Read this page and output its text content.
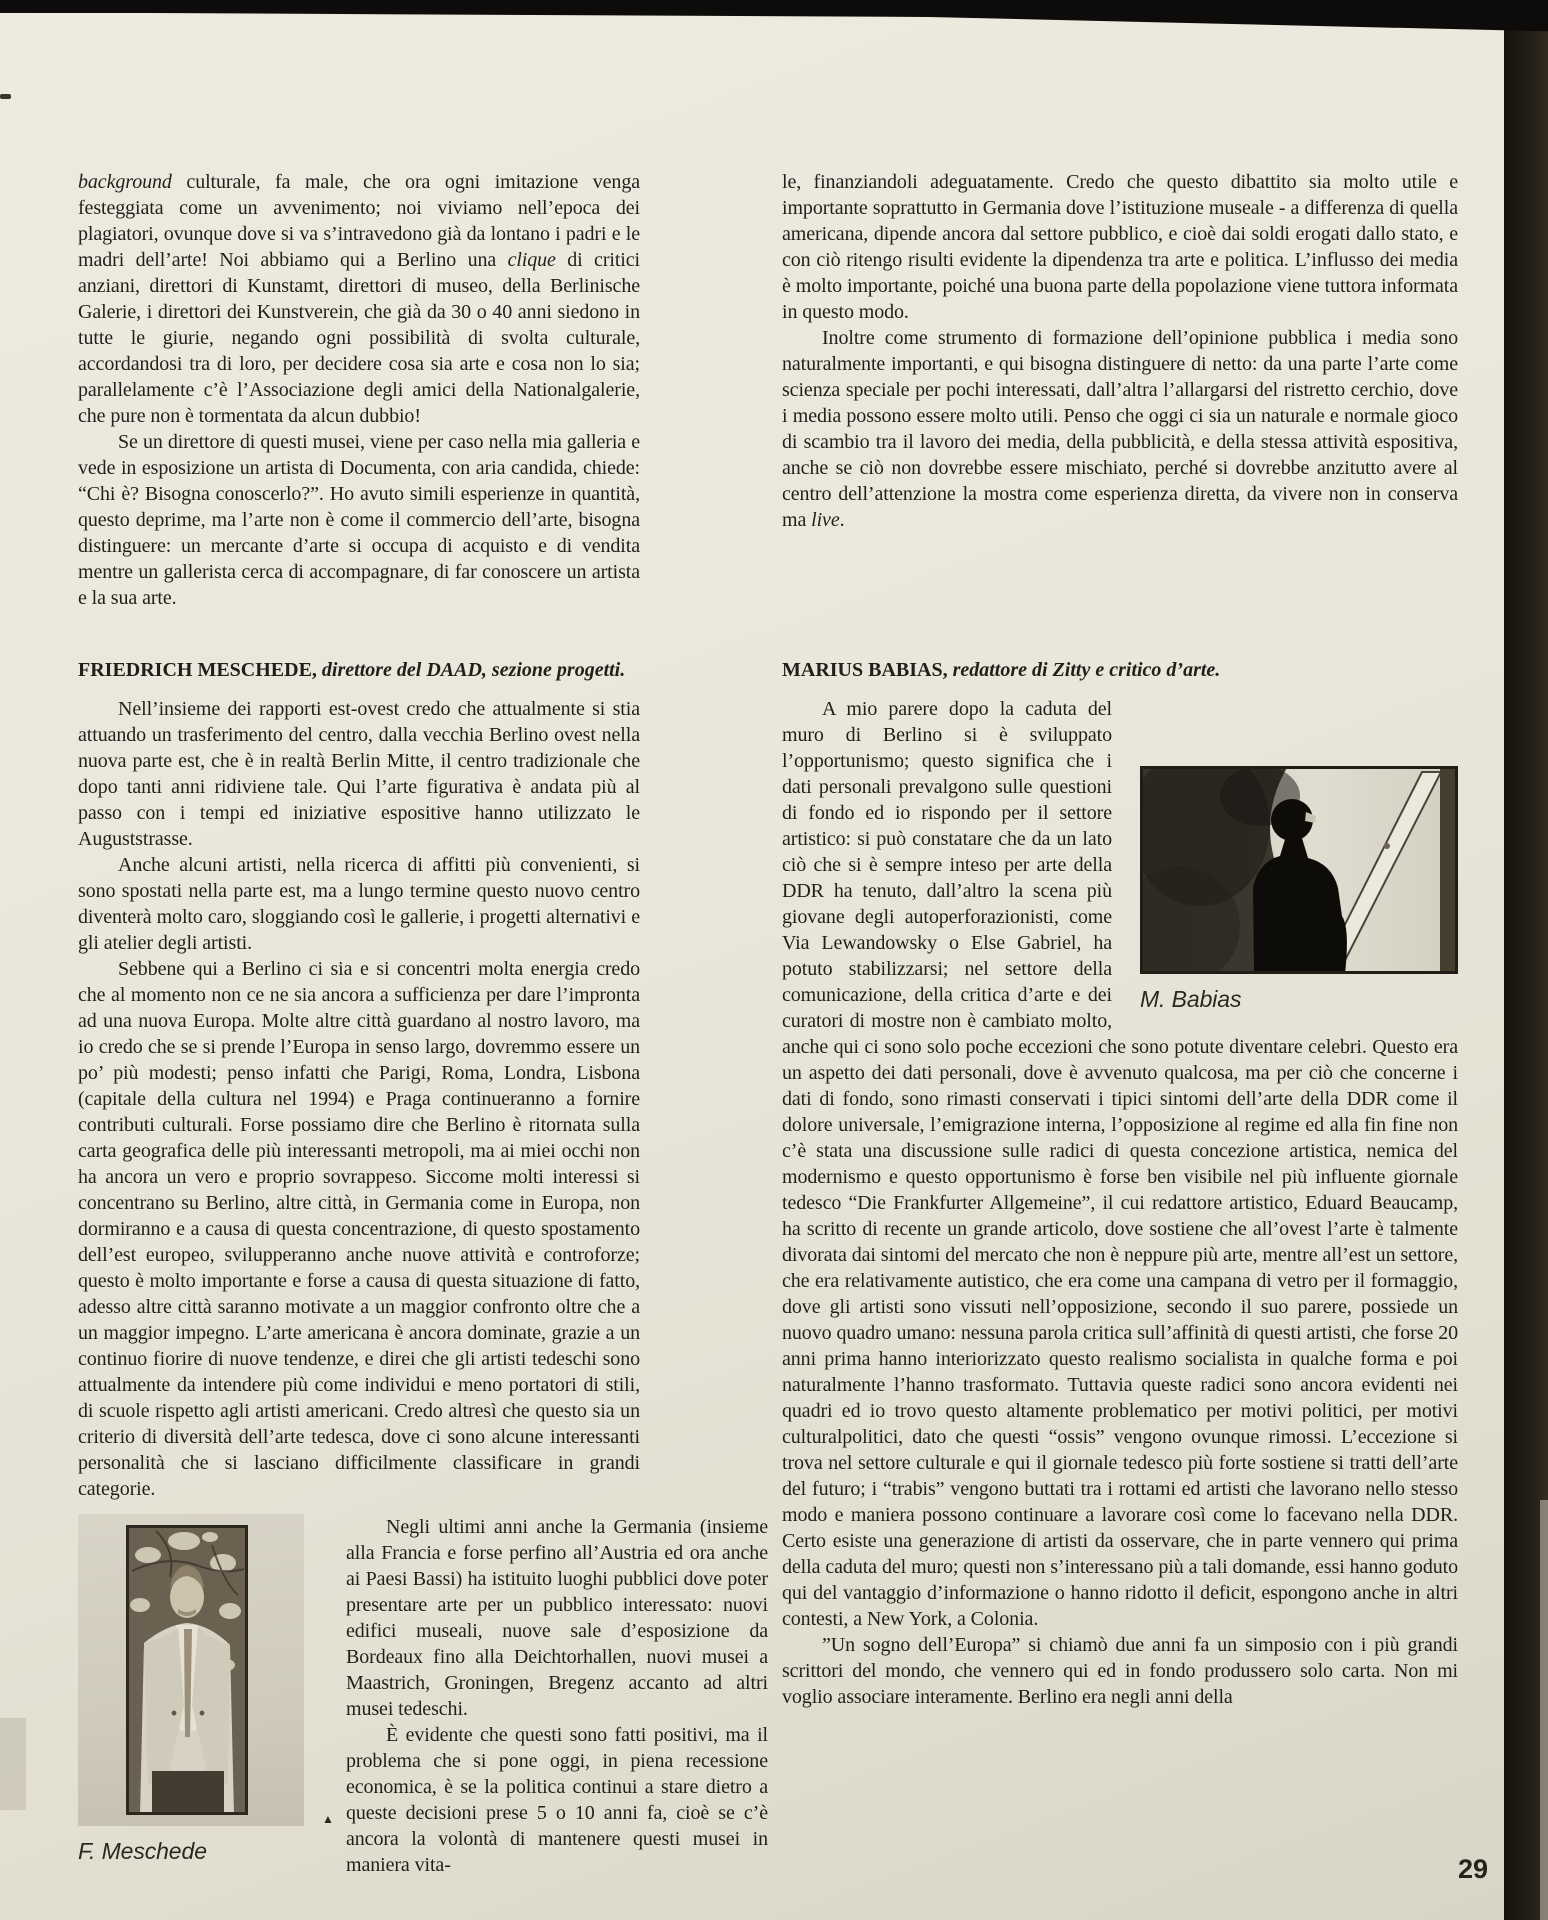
background culturale, fa male, che ora ogni imitazione venga festeggiata come un avvenimento; noi viviamo nell’epoca dei plagiatori, ovunque dove si va s’intravedono già da lontano i padri e le madri dell’arte! Noi abbiamo qui a Berlino una clique di critici anziani, direttori di Kunstamt, direttori di museo, della Berlinische Galerie, i direttori dei Kunstverein, che già da 30 o 40 anni siedono in tutte le giurie, negando ogni possibilità di svolta culturale, accordandosi tra di loro, per decidere cosa sia arte e cosa non lo sia; parallelamente c’è l’Associazione degli amici della Nationalgalerie, che pure non è tormentata da alcun dubbio!

Se un direttore di questi musei, viene per caso nella mia galleria e vede in esposizione un artista di Documenta, con aria candida, chiede: “Chi è? Bisogna conoscerlo?”. Ho avuto simili esperienze in quantità, questo deprime, ma l’arte non è come il commercio dell’arte, bisogna distinguere: un mercante d’arte si occupa di acquisto e di vendita mentre un gallerista cerca di accompagnare, di far conoscere un artista e la sua arte.

FRIEDRICH MESCHEDE, direttore del DAAD, sezione progetti.

Nell’insieme dei rapporti est-ovest credo che attualmente si stia attuando un trasferimento del centro, dalla vecchia Berlino ovest nella nuova parte est, che è in realtà Berlin Mitte, il centro tradizionale che dopo tanti anni ridiviene tale. Qui l’arte figurativa è andata più al passo con i tempi ed iniziative espositive hanno utilizzato le Auguststrasse.

Anche alcuni artisti, nella ricerca di affitti più convenienti, si sono spostati nella parte est, ma a lungo termine questo nuovo centro diventerà molto caro, sloggiando così le gallerie, i progetti alternativi e gli atelier degli artisti.

Sebbene qui a Berlino ci sia e si concentri molta energia credo che al momento non ce ne sia ancora a sufficienza per dare l’impronta ad una nuova Europa. Molte altre città guardano al nostro lavoro, ma io credo che se si prende l’Europa in senso largo, dovremmo essere un po’ più modesti; penso infatti che Parigi, Roma, Londra, Lisbona (capitale della cultura nel 1994) e Praga continueranno a fornire contributi culturali. Forse possiamo dire che Berlino è ritornata sulla carta geografica delle più interessanti metropoli, ma ai miei occhi non ha ancora un vero e proprio sovrappeso. Siccome molti interessi si concentrano su Berlino, altre città, in Germania come in Europa, non dormiranno e a causa di questa concentrazione, di questo spostamento dell’est europeo, svilupperanno anche nuove attività e controforze; questo è molto importante e forse a causa di questa situazione di fatto, adesso altre città saranno motivate a un maggior confronto oltre che a un maggior impegno. L’arte americana è ancora dominate, grazie a un continuo fiorire di nuove tendenze, e direi che gli artisti tedeschi sono attualmente da intendere più come individui e meno portatori di stili, di scuole rispetto agli artisti americani. Credo altresì che questo sia un criterio di diversità dell’arte tedesca, dove ci sono alcune interessanti personalità che si lasciano difficilmente classificare in grandi categorie.

F. Meschede
▲

Negli ultimi anni anche la Germania (insieme alla Francia e forse perfino all’Austria ed ora anche ai Paesi Bassi) ha istituito luoghi pubblici dove poter presentare arte per un pubblico interessato: nuovi edifici museali, nuove sale d’esposizione da Bordeaux fino alla Deichtorhallen, nuovi musei a Maastrich, Groningen, Bregenz accanto ad altri musei tedeschi.

È evidente che questi sono fatti positivi, ma il problema che si pone oggi, in piena recessione economica, è se la politica continui a stare dietro a queste decisioni prese 5 o 10 anni fa, cioè se c’è ancora la volontà di mantenere questi musei in maniera vita-

le, finanziandoli adeguatamente. Credo che questo dibattito sia molto utile e importante soprattutto in Germania dove l’istituzione museale - a differenza di quella americana, dipende ancora dal settore pubblico, e cioè dai soldi erogati dallo stato, e con ciò ritengo risulti evidente la dipendenza tra arte e politica. L’influsso dei media è molto importante, poiché una buona parte della popolazione viene tuttora informata in questo modo.

Inoltre come strumento di formazione dell’opinione pubblica i media sono naturalmente importanti, e qui bisogna distinguere di netto: da una parte l’arte come scienza speciale per pochi interessati, dall’altra l’allargarsi del ristretto cerchio, dove i media possono essere molto utili. Penso che oggi ci sia un naturale e normale gioco di scambio tra il lavoro dei media, della pubblicità, e della stessa attività espositiva, anche se ciò non dovrebbe essere mischiato, perché si dovrebbe anzitutto avere al centro dell’attenzione la mostra come esperienza diretta, da vivere non in conserva ma live.

MARIUS BABIAS, redattore di Zitty e critico d’arte.
M. Babias

A mio parere dopo la caduta del muro di Berlino si è sviluppato l’opportunismo; questo significa che i dati personali prevalgono sulle questioni di fondo ed io rispondo per il settore artistico: si può constatare che da un lato ciò che si è sempre inteso per arte della DDR ha tenuto, dall’altro la scena più giovane degli autoperforazionisti, come Via Lewandowsky o Else Gabriel, ha potuto stabilizzarsi; nel settore della comunicazione, della critica d’arte e dei curatori di mostre non è cambiato molto, anche qui ci sono solo poche eccezioni che sono potute diventare celebri. Questo era un aspetto dei dati personali, dove è avvenuto qualcosa, ma per ciò che concerne i dati di fondo, sono rimasti conservati i tipici sintomi dell’arte della DDR come il dolore universale, l’emigrazione interna, l’opposizione al regime ed alla fin fine non c’è stata una discussione sulle radici di questa concezione artistica, nemica del modernismo e questo opportunismo è forse ben visibile nel più influente giornale tedesco “Die Frankfurter Allgemeine”, il cui redattore artistico, Eduard Beaucamp, ha scritto di recente un grande articolo, dove sostiene che all’ovest l’arte è talmente divorata dai sintomi del mercato che non è neppure più arte, mentre all’est un settore, che era relativamente autistico, che era come una campana di vetro per il formaggio, dove gli artisti sono vissuti nell’opposizione, secondo il suo parere, possiede un nuovo quadro umano: nessuna parola critica sull’affinità di questi artisti, che forse 20 anni prima hanno interiorizzato questo realismo socialista in qualche forma e poi naturalmente l’hanno trasformato. Tuttavia queste radici sono ancora evidenti nei quadri ed io trovo questo altamente problematico per motivi politici, per motivi culturalpolitici, dato che questi “ossis” vengono ovunque rimossi. L’eccezione si trova nel settore culturale e qui il giornale tedesco più forte sostiene si tratti dell’arte del futuro; i “trabis” vengono buttati tra i rottami ed artisti che lavorano nello stesso modo e maniera possono continuare a lavorare così come lo facevano nella DDR. Certo esiste una generazione di artisti da osservare, che in parte vennero qui prima della caduta del muro; questi non s’interessano più a tali domande, essi hanno goduto qui del vantaggio d’informazione o hanno ridotto il deficit, espongono anche in altri contesti, a New York, a Colonia.

”Un sogno dell’Europa” si chiamò due anni fa un simposio con i più grandi scrittori del mondo, che vennero qui ed in fondo produssero solo carta. Non mi voglio associare interamente. Berlino era negli anni della

29
